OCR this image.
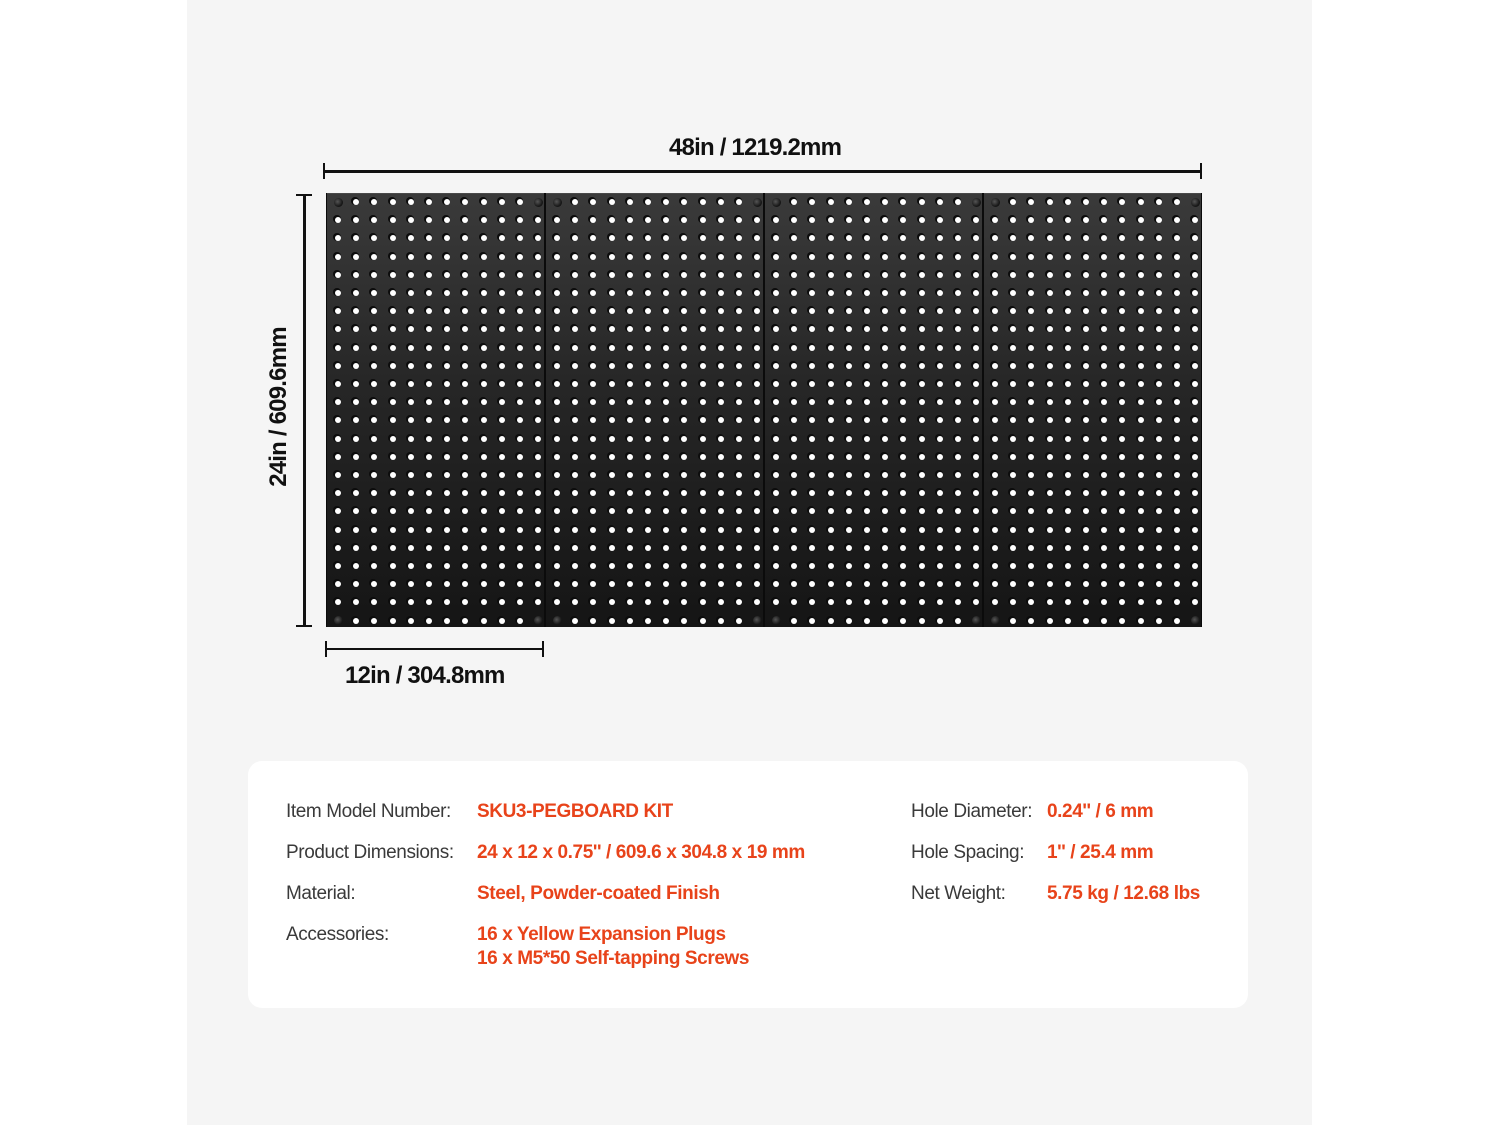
48in / 1219.2mm
24in / 609.6mm
12in / 304.8mm
Item Model Number: SKU3-PEGBOARD KIT
Product Dimensions: 24 x 12 x 0.75'' / 609.6 x 304.8 x 19 mm
Material:	Steel, Powder-coated Finish
Accessories:	16 x Yellow Expansion Plugs
16 x M5*50 Self-tapping Screws
Hole Diameter: 0.24'' / 6 mm
Hole Spacing: 1'' / 25.4 mm
Net Weight: 5.75 kg / 12.68 lbs
